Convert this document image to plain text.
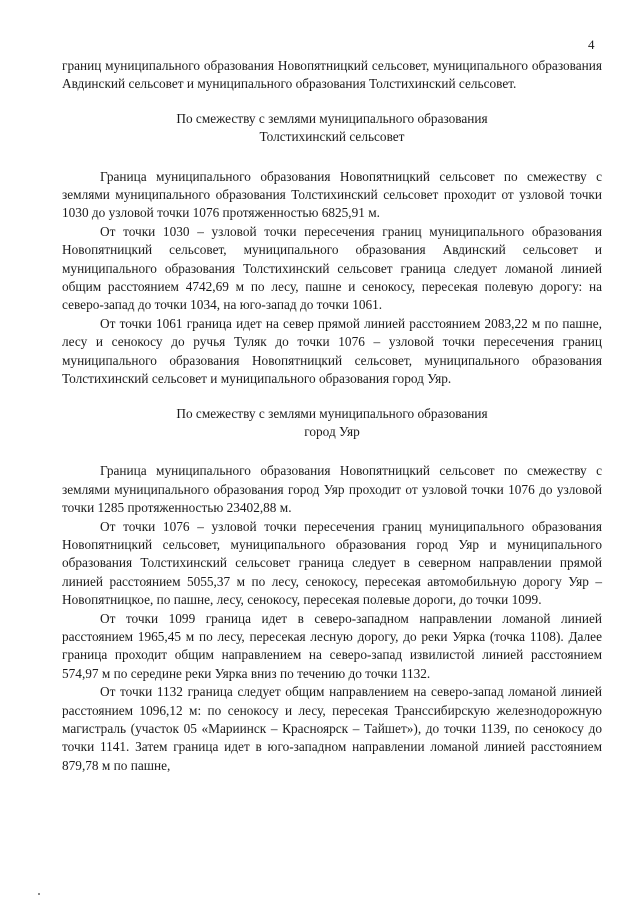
4

границ муниципального образования Новопятницкий сельсовет, муниципального образования Авдинский сельсовет и муниципального образования Толстихинский сельсовет.

По смежеству с землями муниципального образования

Толстихинский сельсовет

Граница муниципального образования Новопятницкий сельсовет по смежеству с землями муниципального образования Толстихинский сельсовет проходит от узловой точки 1030 до узловой точки 1076 протяженностью 6825,91 м.

От точки 1030 – узловой точки пересечения границ муниципального образования Новопятницкий сельсовет, муниципального образования Авдинский сельсовет и муниципального образования Толстихинский сельсовет граница следует ломаной линией общим расстоянием 4742,69 м по лесу, пашне и сенокосу, пересекая полевую дорогу: на северо-запад до точки 1034, на юго-запад до точки 1061.

От точки 1061 граница идет на север прямой линией расстоянием 2083,22 м по пашне, лесу и сенокосу до ручья Туляк до точки 1076 – узловой точки пересечения границ муниципального образования Новопятницкий сельсовет, муниципального образования Толстихинский сельсовет и муниципального образования город Уяр.

По смежеству с землями муниципального образования

город Уяр

Граница муниципального образования Новопятницкий сельсовет по смежеству с землями муниципального образования город Уяр проходит от узловой точки 1076 до узловой точки 1285 протяженностью 23402,88 м.

От точки 1076 – узловой точки пересечения границ муниципального образования Новопятницкий сельсовет, муниципального образования город Уяр и муниципального образования Толстихинский сельсовет граница следует в северном направлении прямой линией расстоянием 5055,37 м по лесу, сенокосу, пересекая автомобильную дорогу Уяр – Новопятницкое, по пашне, лесу, сенокосу, пересекая полевые дороги, до точки 1099.

От точки 1099 граница идет в северо-западном направлении ломаной линией расстоянием 1965,45 м по лесу, пересекая лесную дорогу, до реки Уярка (точка 1108). Далее граница проходит общим направлением на северо-запад извилистой линией расстоянием 574,97 м по середине реки Уярка вниз по течению до точки 1132.

От точки 1132 граница следует общим направлением на северо-запад ломаной линией расстоянием 1096,12 м: по сенокосу и лесу, пересекая Транссибирскую железнодорожную магистраль (участок 05 «Мариинск – Красноярск – Тайшет»), до точки 1139, по сенокосу до точки 1141. Затем граница идет в юго-западном направлении ломаной линией расстоянием 879,78 м по пашне,
